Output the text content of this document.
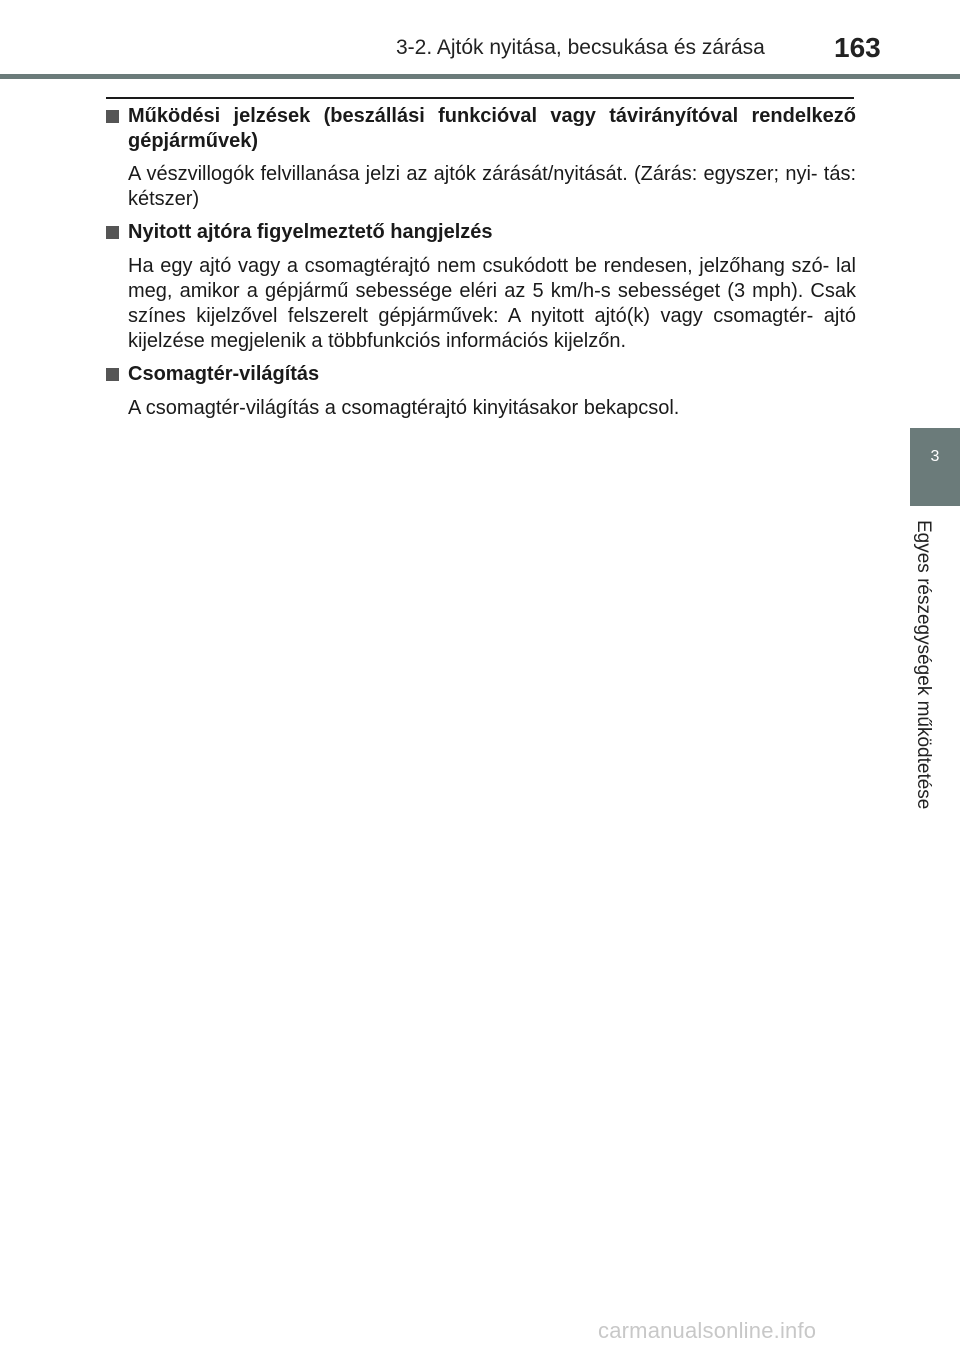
3-2. Ajtók nyitása, becsukása és zárása 163

Működési jelzések (beszállási funkcióval vagy távirányítóval rendelkező gépjárművek)

A vészvillogók felvillanása jelzi az ajtók zárását/nyitását. (Zárás: egyszer; nyi- tás: kétszer)

Nyitott ajtóra figyelmeztető hangjelzés

Ha egy ajtó vagy a csomagtérajtó nem csukódott be rendesen, jelzőhang szó- lal meg, amikor a gépjármű sebessége eléri az 5 km/h-s sebességet (3 mph). Csak színes kijelzővel felszerelt gépjárművek: A nyitott ajtó(k) vagy csomagtér- ajtó kijelzése megjelenik a többfunkciós információs kijelzőn.

Csomagtér-világítás

A csomagtér-világítás a csomagtérajtó kinyitásakor bekapcsol.

3
Egyes részegységek működtetése
carmanualsonline.info
